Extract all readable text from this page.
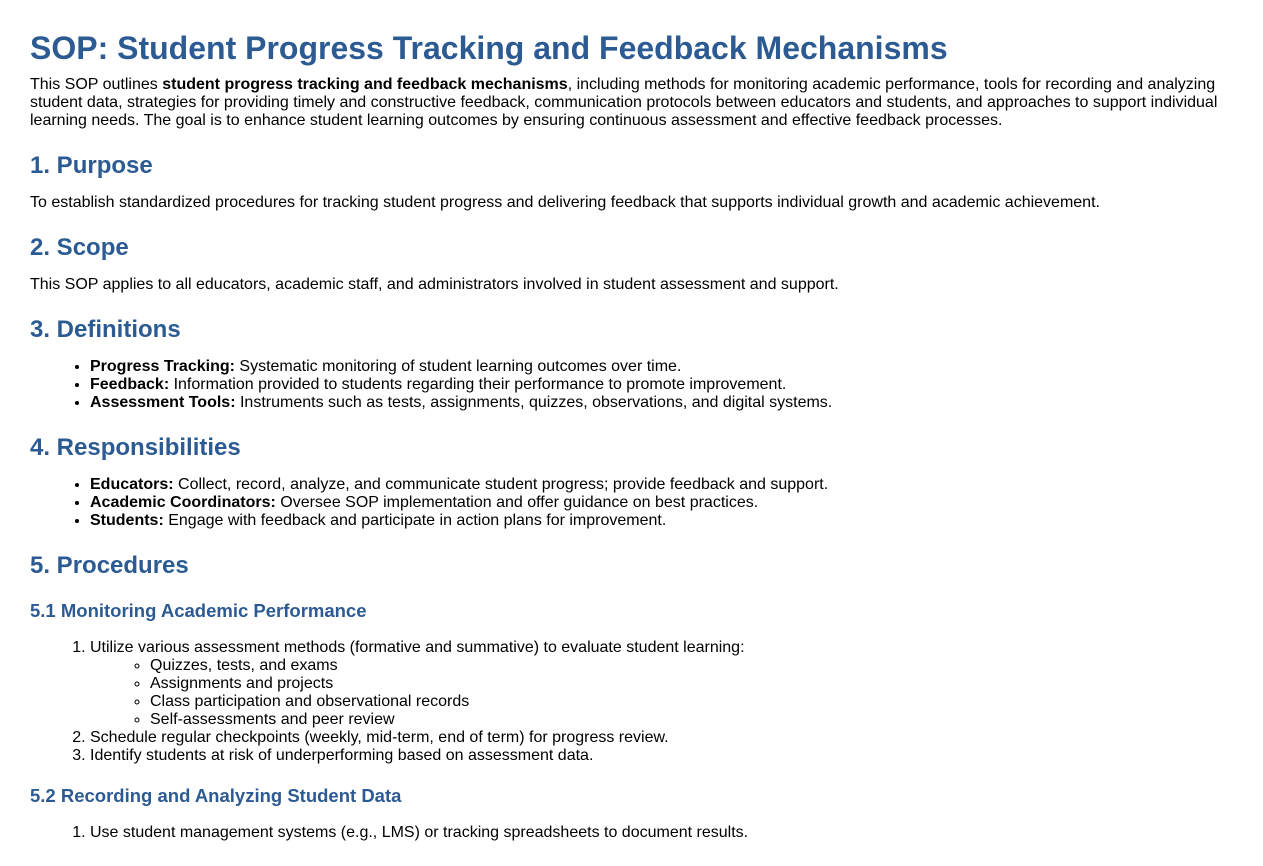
SOP: Student Progress Tracking and Feedback Mechanisms

This SOP outlines student progress tracking and feedback mechanisms, including methods for monitoring academic performance, tools for recording and analyzing student data, strategies for providing timely and constructive feedback, communication protocols between educators and students, and approaches to support individual learning needs. The goal is to enhance student learning outcomes by ensuring continuous assessment and effective feedback processes.

1. Purpose

To establish standardized procedures for tracking student progress and delivering feedback that supports individual growth and academic achievement.

2. Scope

This SOP applies to all educators, academic staff, and administrators involved in student assessment and support.

3. Definitions
• Progress Tracking: Systematic monitoring of student learning outcomes over time.
• Feedback: Information provided to students regarding their performance to promote improvement.
• Assessment Tools: Instruments such as tests, assignments, quizzes, observations, and digital systems.
4. Responsibilities
• Educators: Collect, record, analyze, and communicate student progress; provide feedback and support.
• Academic Coordinators: Oversee SOP implementation and offer guidance on best practices.
• Students: Engage with feedback and participate in action plans for improvement.
5. Procedures
5.1 Monitoring Academic Performance
1. Utilize various assessment methods (formative and summative) to evaluate student learning:
◦ Quizzes, tests, and exams
◦ Assignments and projects
◦ Class participation and observational records
◦ Self-assessments and peer review
2. Schedule regular checkpoints (weekly, mid-term, end of term) for progress review.
3. Identify students at risk of underperforming based on assessment data.
5.2 Recording and Analyzing Student Data
1. Use student management systems (e.g., LMS) or tracking spreadsheets to document results.
